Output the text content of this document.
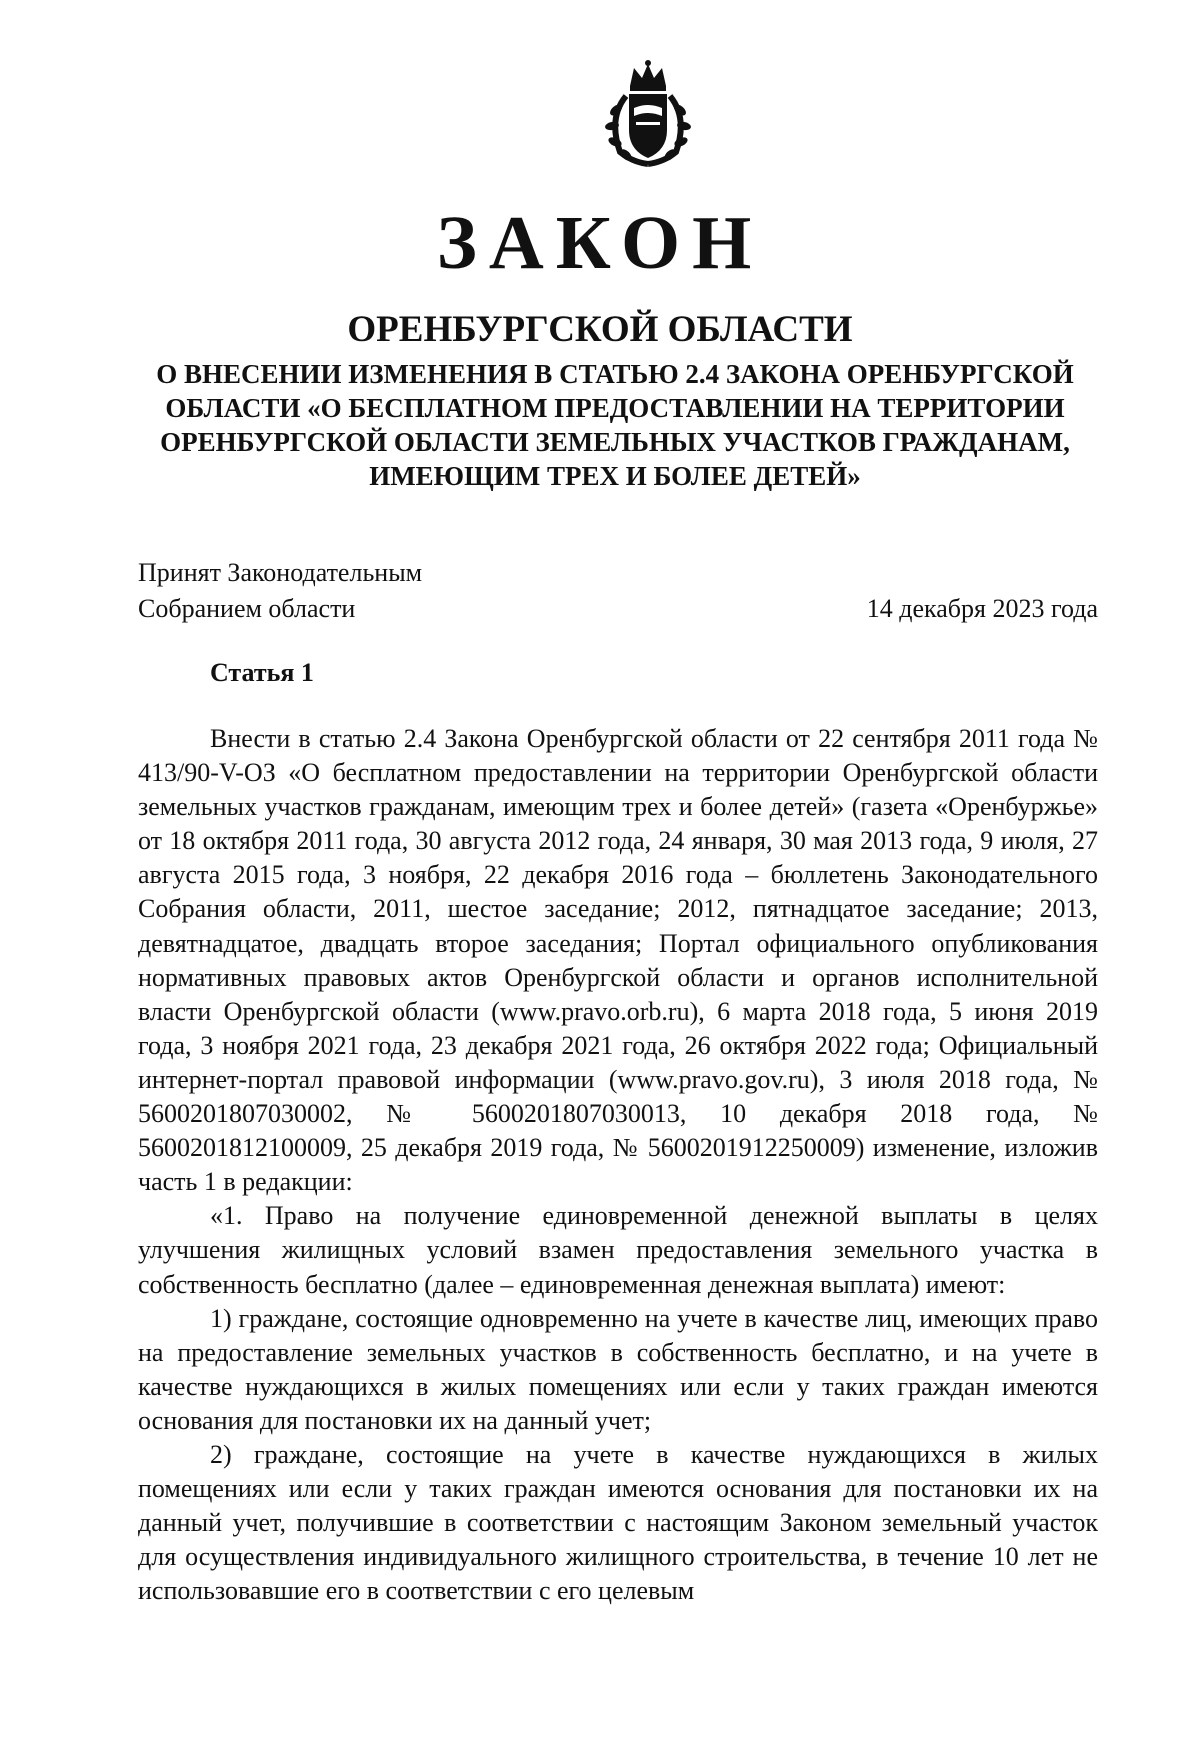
ЗАКОН
ОРЕНБУРГСКОЙ ОБЛАСТИ
О ВНЕСЕНИИ ИЗМЕНЕНИЯ В СТАТЬЮ 2.4 ЗАКОНА ОРЕНБУРГСКОЙ ОБЛАСТИ «О БЕСПЛАТНОМ ПРЕДОСТАВЛЕНИИ НА ТЕРРИТОРИИ ОРЕНБУРГСКОЙ ОБЛАСТИ ЗЕМЕЛЬНЫХ УЧАСТКОВ ГРАЖДАНАМ, ИМЕЮЩИМ ТРЕХ И БОЛЕЕ ДЕТЕЙ»
Принят Законодательным
Собранием области	14 декабря 2023 года
Статья 1

Внести в статью 2.4 Закона Оренбургской области от 22 сентября 2011 года № 413/90-V-ОЗ «О бесплатном предоставлении на территории Оренбургской области земельных участков гражданам, имеющим трех и более детей» (газета «Оренбуржье» от 18 октября 2011 года, 30 августа 2012 года, 24 января, 30 мая 2013 года, 9 июля, 27 августа 2015 года, 3 ноября, 22 декабря 2016 года – бюллетень Законодательного Собрания области, 2011, шестое заседание; 2012, пятнадцатое заседание; 2013, девятнадцатое, двадцать второе заседания; Портал официального опубликования нормативных правовых актов Оренбургской области и органов исполнительной власти Оренбургской области (www.pravo.orb.ru), 6 марта 2018 года, 5 июня 2019 года, 3 ноября 2021 года, 23 декабря 2021 года, 26 октября 2022 года; Официальный интернет-портал правовой информации (www.pravo.gov.ru), 3 июля 2018 года, № 5600201807030002, № 5600201807030013, 10 декабря 2018 года, № 5600201812100009, 25 декабря 2019 года, № 5600201912250009) изменение, изложив часть 1 в редакции:

«1. Право на получение единовременной денежной выплаты в целях улучшения жилищных условий взамен предоставления земельного участка в собственность бесплатно (далее – единовременная денежная выплата) имеют:

1) граждане, состоящие одновременно на учете в качестве лиц, имеющих право на предоставление земельных участков в собственность бесплатно, и на учете в качестве нуждающихся в жилых помещениях или если у таких граждан имеются основания для постановки их на данный учет;

2) граждане, состоящие на учете в качестве нуждающихся в жилых помещениях или если у таких граждан имеются основания для постановки их на данный учет, получившие в соответствии с настоящим Законом земельный участок для осуществления индивидуального жилищного строительства, в течение 10 лет не использовавшие его в соответствии с его целевым
